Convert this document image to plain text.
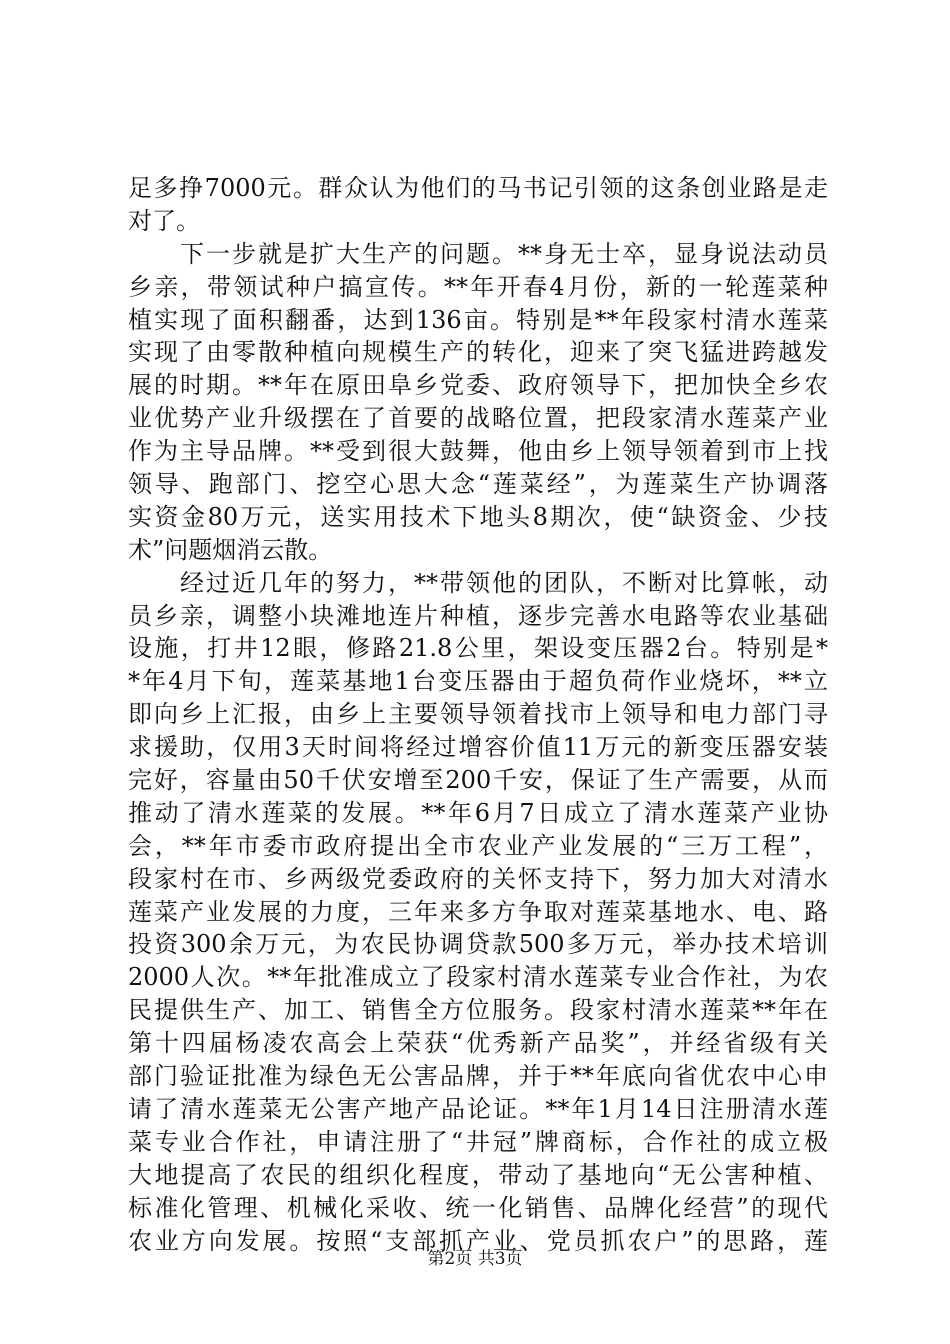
足多挣7000元。群众认为他们的马书记引领的这条创业路是走
对了。
下一步就是扩大生产的问题。**身无士卒，显身说法动员
乡亲，带领试种户搞宣传。**年开春4月份，新的一轮莲菜种
植实现了面积翻番，达到136亩。特别是**年段家村清水莲菜
实现了由零散种植向规模生产的转化，迎来了突飞猛进跨越发
展的时期。**年在原田阜乡党委、政府领导下，把加快全乡农
业优势产业升级摆在了首要的战略位置，把段家清水莲菜产业
作为主导品牌。**受到很大鼓舞，他由乡上领导领着到市上找
领导、跑部门、挖空心思大念“莲菜经”，为莲菜生产协调落
实资金80万元，送实用技术下地头8期次，使“缺资金、少技
术”问题烟消云散。
经过近几年的努力，**带领他的团队，不断对比算帐，动
员乡亲，调整小块滩地连片种植，逐步完善水电路等农业基础
设施，打井12眼，修路21.8公里，架设变压器2台。特别是*
*年4月下旬，莲菜基地1台变压器由于超负荷作业烧坏，**立
即向乡上汇报，由乡上主要领导领着找市上领导和电力部门寻
求援助，仅用3天时间将经过增容价值11万元的新变压器安装
完好，容量由50千伏安增至200千安，保证了生产需要，从而
推动了清水莲菜的发展。**年6月7日成立了清水莲菜产业协
会，**年市委市政府提出全市农业产业发展的“三万工程”，
段家村在市、乡两级党委政府的关怀支持下，努力加大对清水
莲菜产业发展的力度，三年来多方争取对莲菜基地水、电、路
投资300余万元，为农民协调贷款500多万元，举办技术培训
2000人次。**年批准成立了段家村清水莲菜专业合作社，为农
民提供生产、加工、销售全方位服务。段家村清水莲菜**年在
第十四届杨凌农高会上荣获“优秀新产品奖”，并经省级有关
部门验证批准为绿色无公害品牌，并于**年底向省优农中心申
请了清水莲菜无公害产地产品论证。**年1月14日注册清水莲
菜专业合作社，申请注册了“井冠”牌商标，合作社的成立极
大地提高了农民的组织化程度，带动了基地向“无公害种植、
标准化管理、机械化采收、统一化销售、品牌化经营”的现代
农业方向发展。按照“支部抓产业、党员抓农户”的思路，莲
第2页 共3页
